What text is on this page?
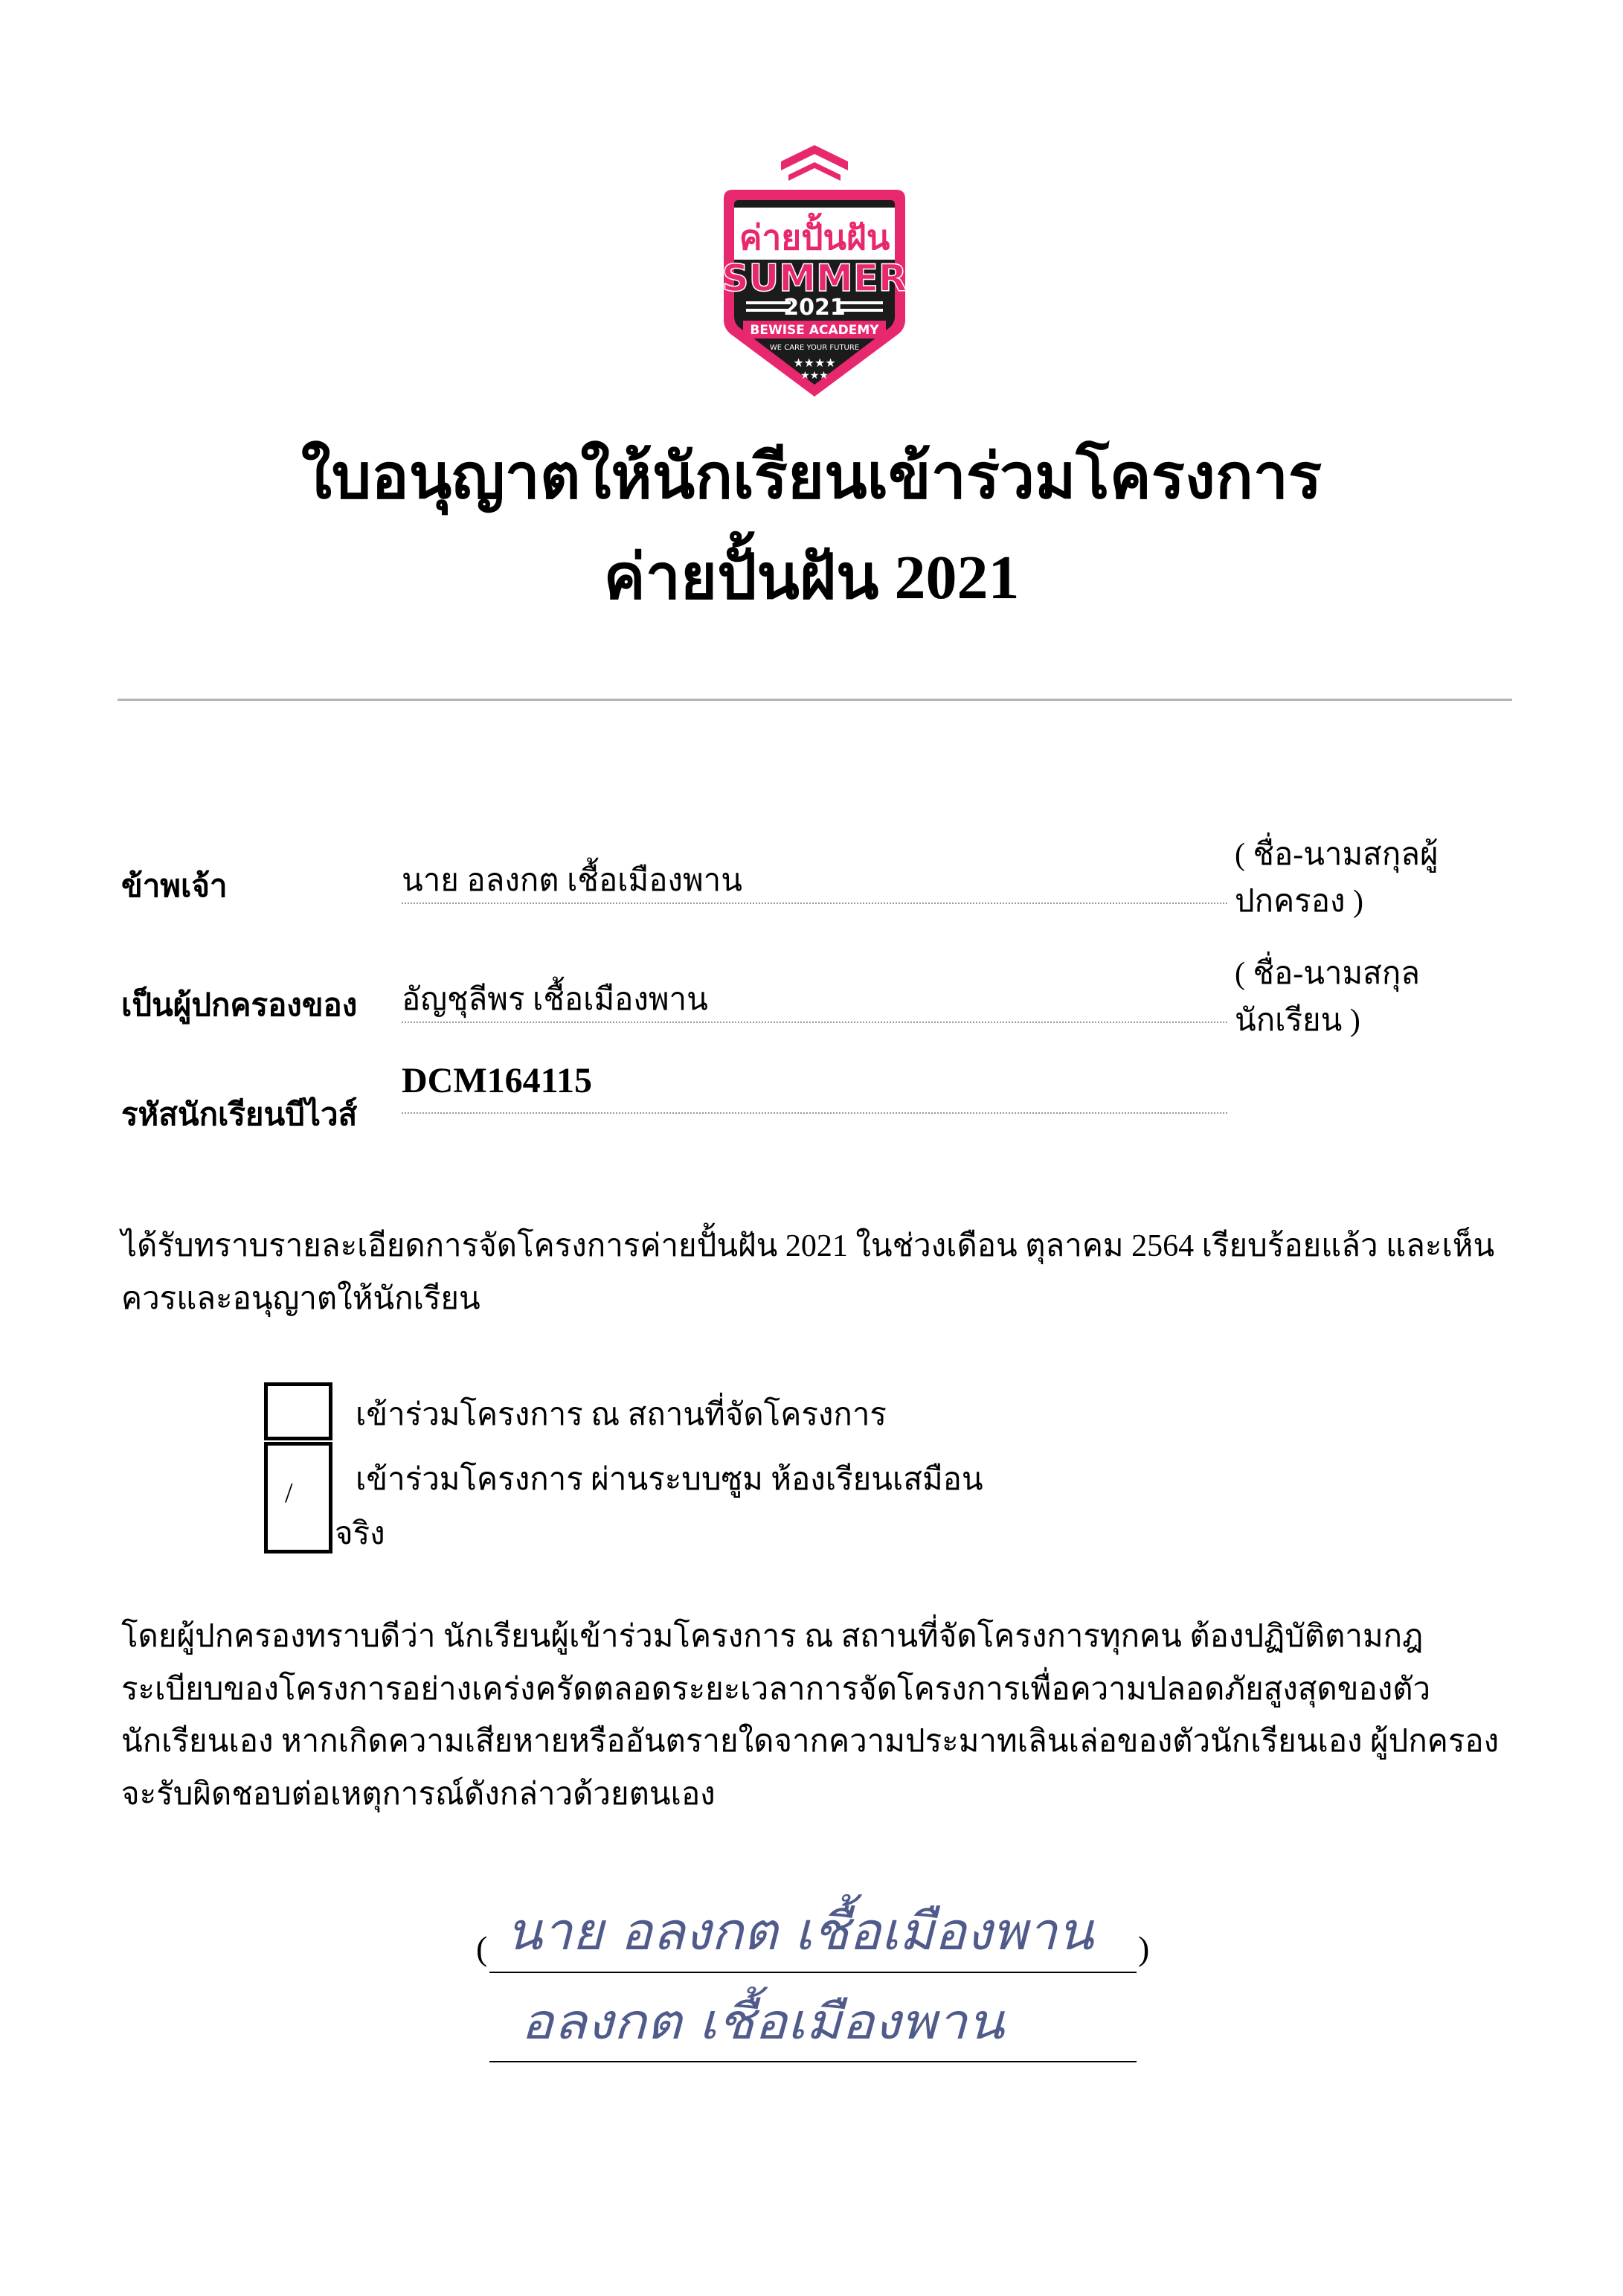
ค่ายปั้นฝัน
SUMMER
2021
BEWISE ACADEMY
WE CARE YOUR FUTURE
★★★★
★★★
ใบอนุญาตให้นักเรียนเข้าร่วมโครงการ
ค่ายปั้นฝัน 2021
ข้าพเจ้า	นาย อลงกต เชื้อเมืองพาน
( ชื่อ-นามสกุลผู้ปกครอง )
เป็นผู้ปกครองของ อัญชุลีพร เชื้อเมืองพาน
( ชื่อ-นามสกุล นักเรียน )
รหัสนักเรียนบีไวส์
DCM164115
ได้รับทราบรายละเอียดการจัดโครงการค่ายปั้นฝัน 2021 ในช่วงเดือน ตุลาคม 2564 เรียบร้อยแล้ว และเห็นควรและอนุญาตให้นักเรียน
เข้าร่วมโครงการ ณ สถานที่จัดโครงการ
/ เข้าร่วมโครงการ ผ่านระบบซูม ห้องเรียนเสมือน
จริง
โดยผู้ปกครองทราบดีว่า นักเรียนผู้เข้าร่วมโครงการ ณ สถานที่จัดโครงการทุกคน ต้องปฏิบัติตามกฎระเบียบของโครงการอย่างเคร่งครัดตลอดระยะเวลาการจัดโครงการเพื่อความปลอดภัยสูงสุดของตัวนักเรียนเอง หากเกิดความเสียหายหรืออันตรายใดจากความประมาทเลินเล่อของตัวนักเรียนเอง ผู้ปกครองจะรับผิดชอบต่อเหตุการณ์ดังกล่าวด้วยตนเอง
(	)
นาย อลงกต เชื้อเมืองพาน
อลงกต เชื้อเมืองพาน
